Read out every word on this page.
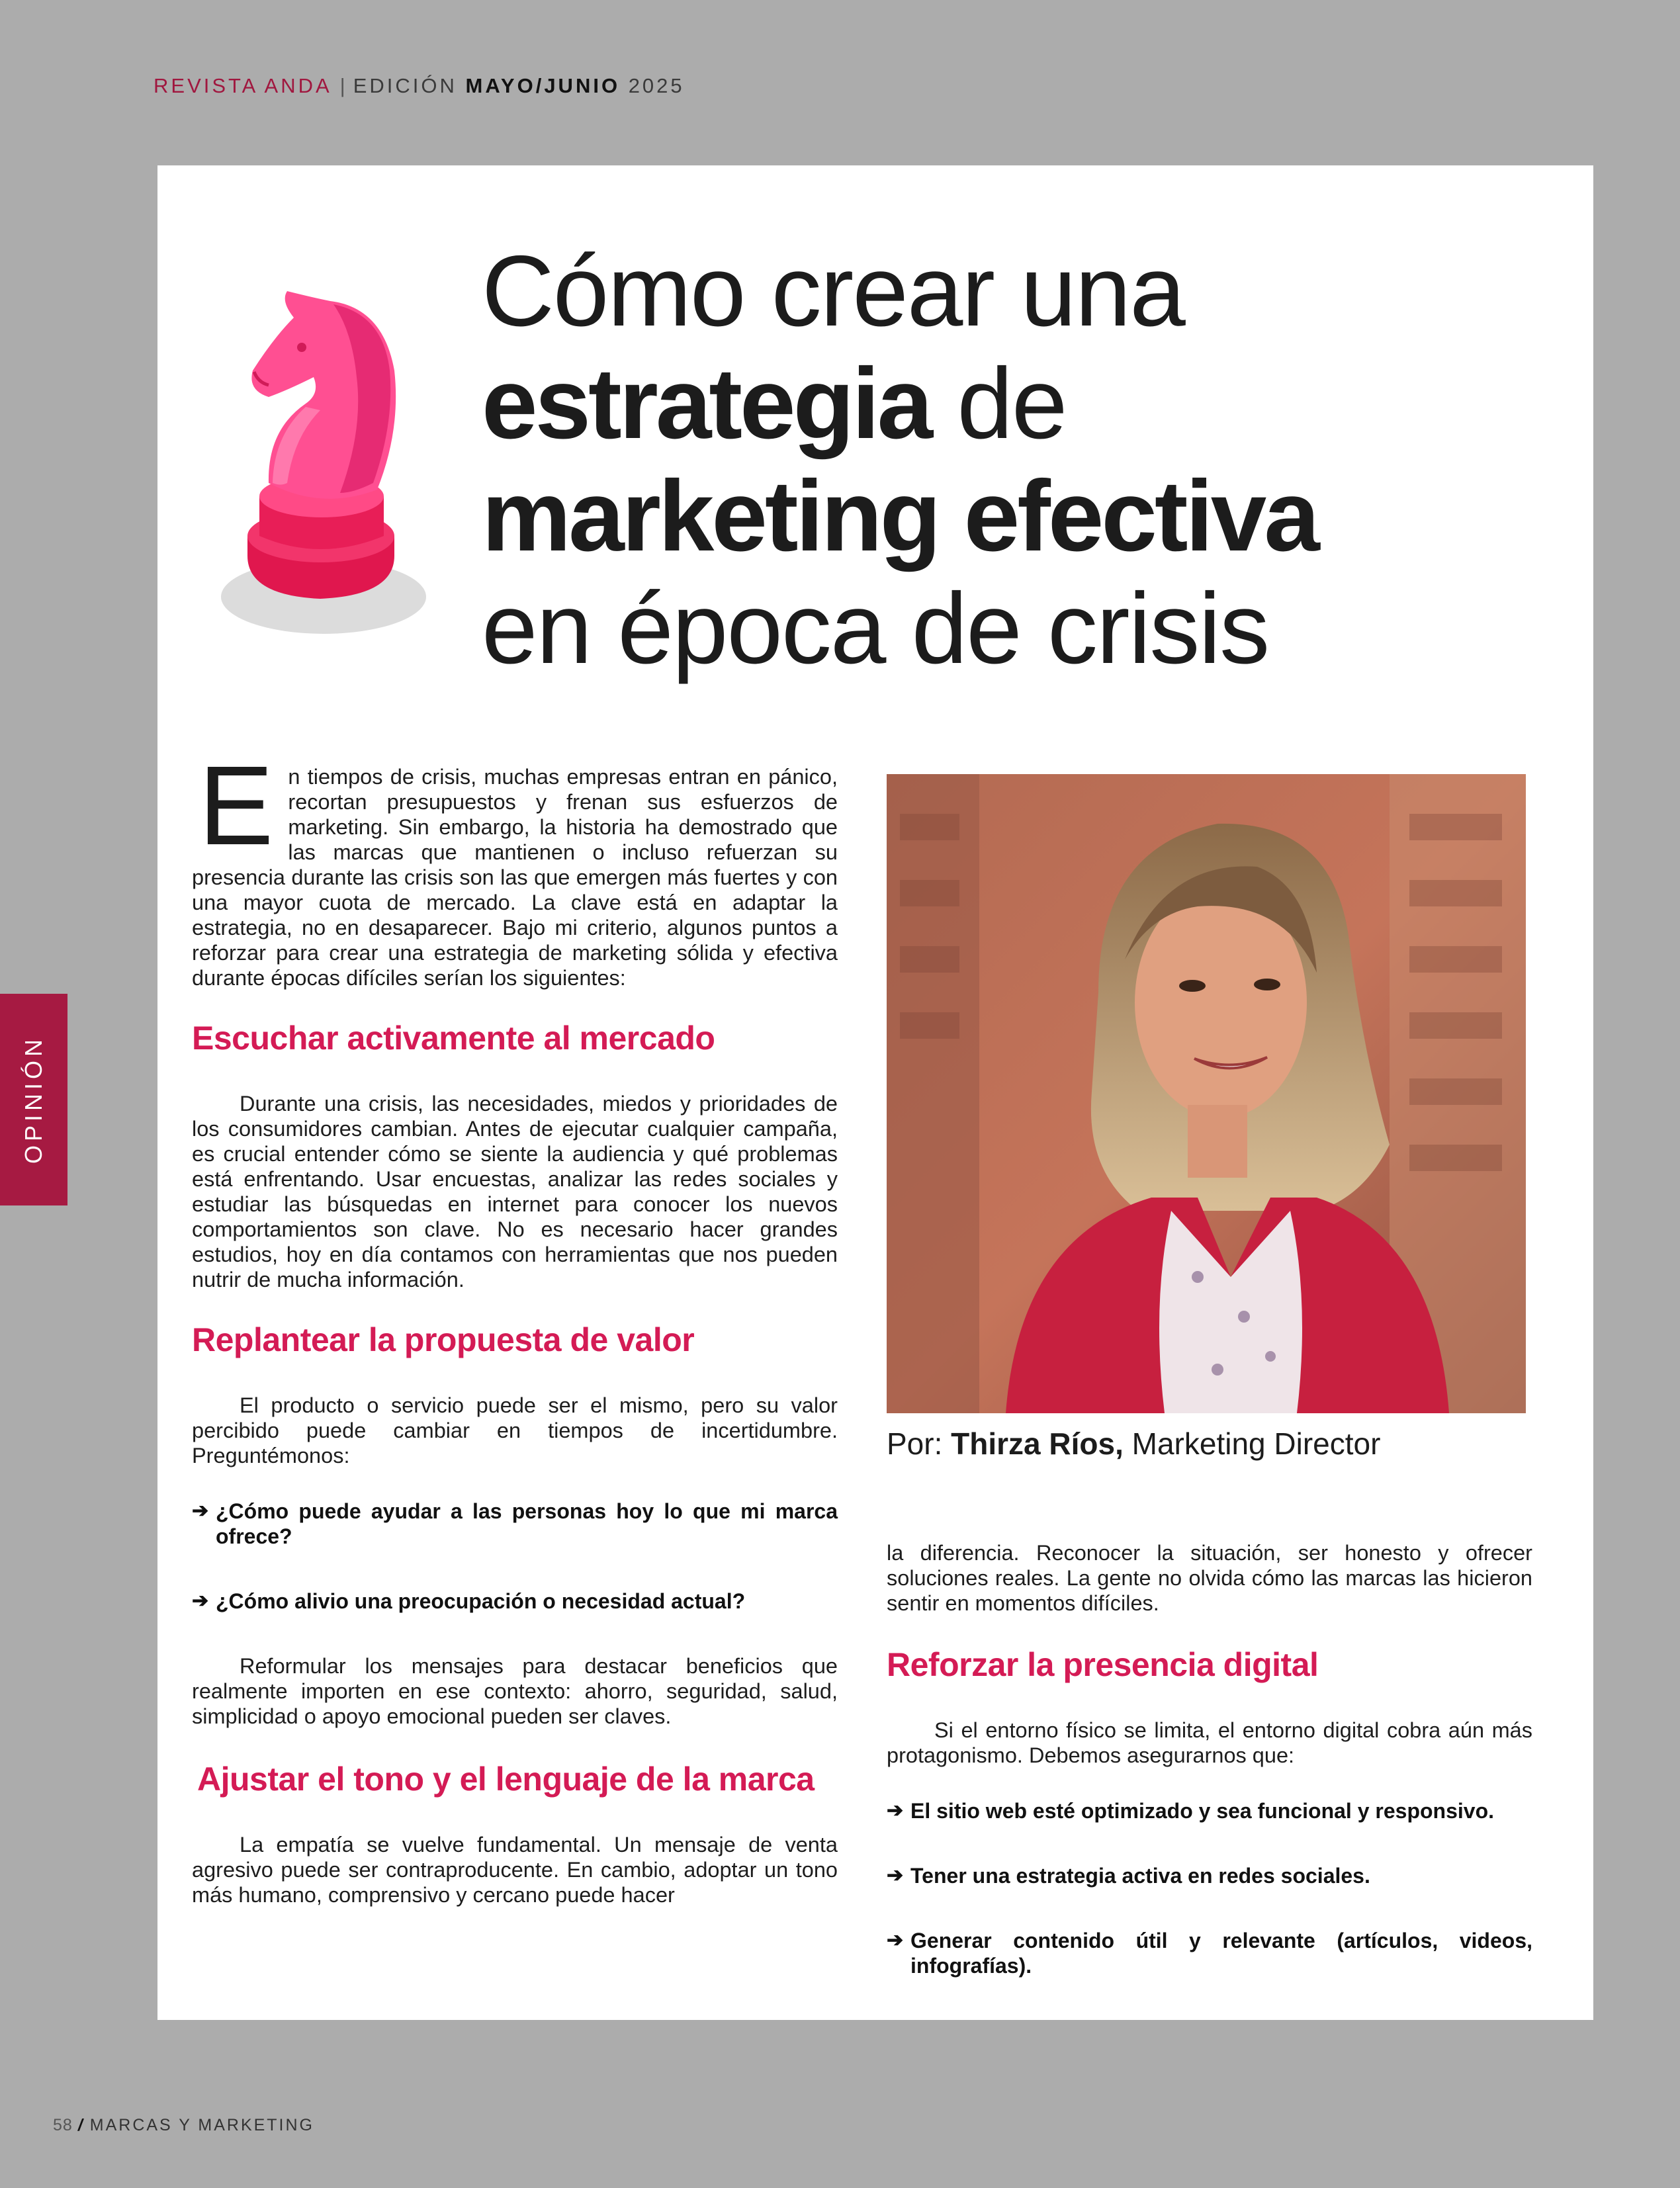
REVISTA ANDA | EDICIÓN MAYO/JUNIO 2025
OPINIÓN
Cómo crear una
estrategia de
marketing efectiva
en época de crisis
E n tiempos de crisis, muchas empresas entran en pánico, recortan presupuestos y frenan sus esfuerzos de marketing. Sin embargo, la historia ha demostrado que las marcas que mantienen o incluso refuerzan su presencia durante las crisis son las que emergen más fuertes y con una mayor cuota de mercado. La clave está en adaptar la estrategia, no en desaparecer. Bajo mi criterio, algunos puntos a reforzar para crear una estrategia de marketing sólida y efectiva durante épocas difíciles serían los siguientes:

Escuchar activamente al mercado

Durante una crisis, las necesidades, miedos y prioridades de los consumidores cambian. Antes de ejecutar cualquier campaña, es crucial entender cómo se siente la audiencia y qué problemas está enfrentando. Usar encuestas, analizar las redes sociales y estudiar las búsquedas en internet para conocer los nuevos comportamientos son clave. No es necesario hacer grandes estudios, hoy en día contamos con herramientas que nos pueden nutrir de mucha información.

Replantear la propuesta de valor

El producto o servicio puede ser el mismo, pero su valor percibido puede cambiar en tiempos de incertidumbre. Preguntémonos:

➔ ¿Cómo puede ayudar a las personas hoy lo que mi marca ofrece?
➔ ¿Cómo alivio una preocupación o necesidad actual?

Reformular los mensajes para destacar beneficios que realmente importen en ese contexto: ahorro, seguridad, salud, simplicidad o apoyo emocional pueden ser claves.

Ajustar el tono y el lenguaje de la marca

La empatía se vuelve fundamental. Un mensaje de venta agresivo puede ser contraproducente. En cambio, adoptar un tono más humano, comprensivo y cercano puede hacer

Por: Thirza Ríos, Marketing Director

la diferencia. Reconocer la situación, ser honesto y ofrecer soluciones reales. La gente no olvida cómo las marcas las hicieron sentir en momentos difíciles.

Reforzar la presencia digital

Si el entorno físico se limita, el entorno digital cobra aún más protagonismo. Debemos asegurarnos que:

➔ El sitio web esté optimizado y sea funcional y responsivo.
➔ Tener una estrategia activa en redes sociales.
➔ Generar contenido útil y relevante (artículos, videos, infografías).
58 / MARCAS Y MARKETING
